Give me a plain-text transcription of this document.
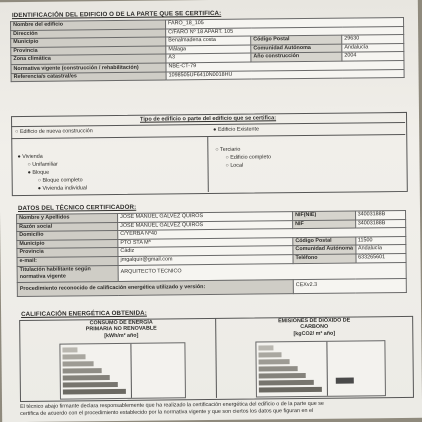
IDENTIFICACIÓN DEL EDIFICIO O DE LA PARTE QUE SE CERTIFICA:
Nombre del edificio	FARO_18_105		
Dirección	C/FARO Nº 18 APART. 105		
Municipio	Benalmadena costa	Código Postal	29630
Provincia	Málaga	Comunidad Autónoma	Andalucía
Zona climática	A3	Año construcción	2004
Normativa vigente (construcción / rehabilitación)	NBE-CT-79		
Referencia/s catastral/es	1098505UF6410N0018HU		
Tipo de edificio o parte del edificio que se certifica:
○ Edificio de nueva construcción	● Edificio Existente
● Vivienda
○ Unifamiliar
● Bloque
○ Bloque completo
● Vivienda individual
○ Terciario
○ Edificio completo
○ Local
DATOS DEL TÉCNICO CERTIFICADOR:
Nombre y Apellidos	JOSE MANUEL GALVEZ QUIROS	NIF(NIE)	34003188B
Razón social	JOSE MANUEL GALVEZ QUIROS	NIF	34003188B
Domicilio	C/YERBA Nº40		
Municipio	PTO STA Mª	Código Postal	11500
Provincia	Cádiz	Comunidad Autónoma	Andalucía
e-mail:	jmgalquir@gmail.com	Teléfono	633265601
Titulación habilitante según normativa vigente	ARQUITECTO TECNICO		
Procedimiento reconocido de calificación energética utilizado y versión:		CEXv2.3	
CALIFICACIÓN ENERGÉTICA OBTENIDA:
CONSUMO DE ENERGÍA
PRIMARIA NO RENOVABLE
[kWh/m² año]
EMISIONES DE DIÓXIDO DE
CARBONO
[kgCO2/ m² año]
El técnico abajo firmante declara responsablemente que ha realizado la certificación energética del edificio o de la parte que se
certifica de acuerdo con el procedimiento establecido por la normativa vigente y que son ciertos los datos que figuran en el
